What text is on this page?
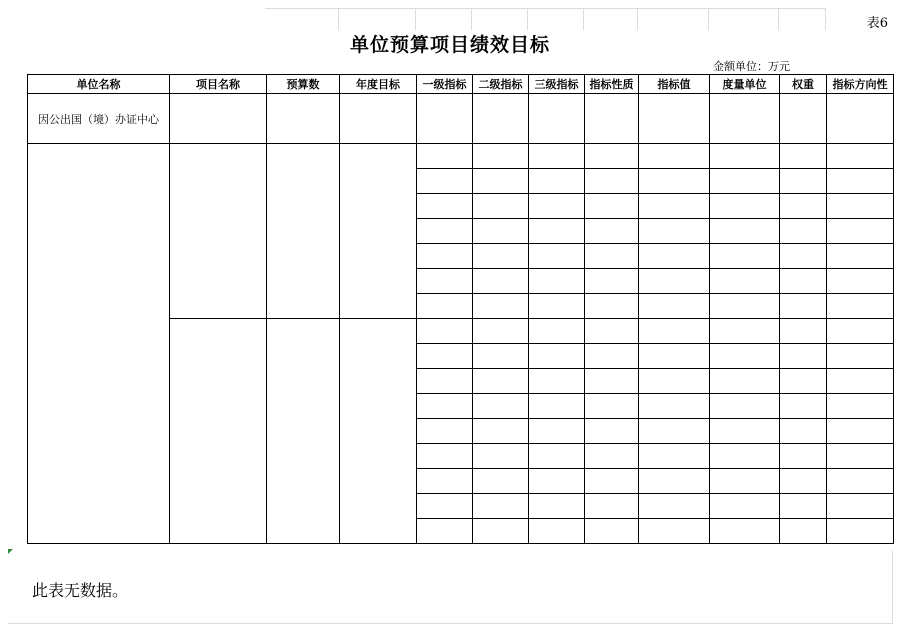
表6
单位预算项目绩效目标
金额单位：万元
单位名称	项目名称	预算数	年度目标	一级指标	二级指标	三级指标	指标性质	指标值	度量单位	权重	指标方向性
因公出国（境）办证中心											

此表无数据。
